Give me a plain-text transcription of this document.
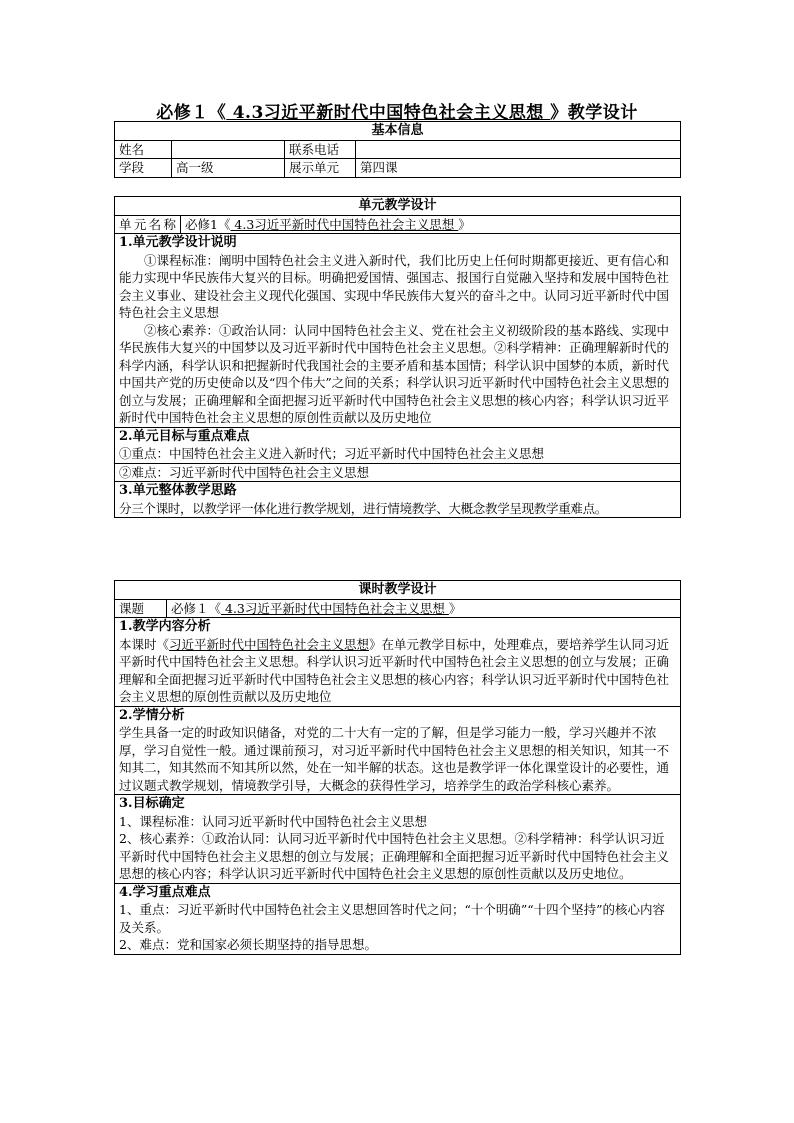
必修１《 4.3习近平新时代中国特色社会主义思想 》教学设计
基本信息			
姓名		联系电话	
学段	高一级	展示单元	第四课
单元教学设计
单元名称	必修1《 4.3习近平新时代中国特色社会主义思想 》

1.单元教学设计说明

①课程标准：阐明中国特色社会主义进入新时代，我们比历史上任何时期都更接近、更有信心和能力实现中华民族伟大复兴的目标。明确把爱国情、强国志、报国行自觉融入坚持和发展中国特色社会主义事业、建设社会主义现代化强国、实现中华民族伟大复兴的奋斗之中。认同习近平新时代中国特色社会主义思想

②核心素养：①政治认同：认同中国特色社会主义、党在社会主义初级阶段的基本路线、实现中华民族伟大复兴的中国梦以及习近平新时代中国特色社会主义思想。②科学精神：正确理解新时代的科学内涵，科学认识和把握新时代我国社会的主要矛盾和基本国情；科学认识中国梦的本质，新时代中国共产党的历史使命以及“四个伟大”之间的关系；科学认识习近平新时代中国特色社会主义思想的创立与发展；正确理解和全面把握习近平新时代中国特色社会主义思想的核心内容；科学认识习近平新时代中国特色社会主义思想的原创性贡献以及历史地位

2.单元目标与重点难点

①重点：中国特色社会主义进入新时代；习近平新时代中国特色社会主义思想

②难点：习近平新时代中国特色社会主义思想

3.单元整体教学思路

分三个课时，以教学评一体化进行教学规划，进行情境教学、大概念教学呈现教学重难点。

课时教学设计
课题	必修１《 4.3习近平新时代中国特色社会主义思想 》

1.教学内容分析

本课时《习近平新时代中国特色社会主义思想》在单元教学目标中，处理难点，要培养学生认同习近平新时代中国特色社会主义思想。科学认识习近平新时代中国特色社会主义思想的创立与发展；正确理解和全面把握习近平新时代中国特色社会主义思想的核心内容；科学认识习近平新时代中国特色社会主义思想的原创性贡献以及历史地位

2.学情分析

学生具备一定的时政知识储备，对党的二十大有一定的了解，但是学习能力一般，学习兴趣并不浓厚，学习自觉性一般。通过课前预习，对习近平新时代中国特色社会主义思想的相关知识，知其一不知其二，知其然而不知其所以然，处在一知半解的状态。这也是教学评一体化课堂设计的必要性，通过议题式教学规划，情境教学引导，大概念的获得性学习，培养学生的政治学科核心素养。

3.目标确定

1、课程标准：认同习近平新时代中国特色社会主义思想

2、核心素养：①政治认同：认同习近平新时代中国特色社会主义思想。②科学精神：科学认识习近平新时代中国特色社会主义思想的创立与发展；正确理解和全面把握习近平新时代中国特色社会主义思想的核心内容；科学认识习近平新时代中国特色社会主义思想的原创性贡献以及历史地位。

4.学习重点难点

1、重点：习近平新时代中国特色社会主义思想回答时代之问；“十个明确”“十四个坚持”的核心内容及关系。

2、难点：党和国家必须长期坚持的指导思想。
